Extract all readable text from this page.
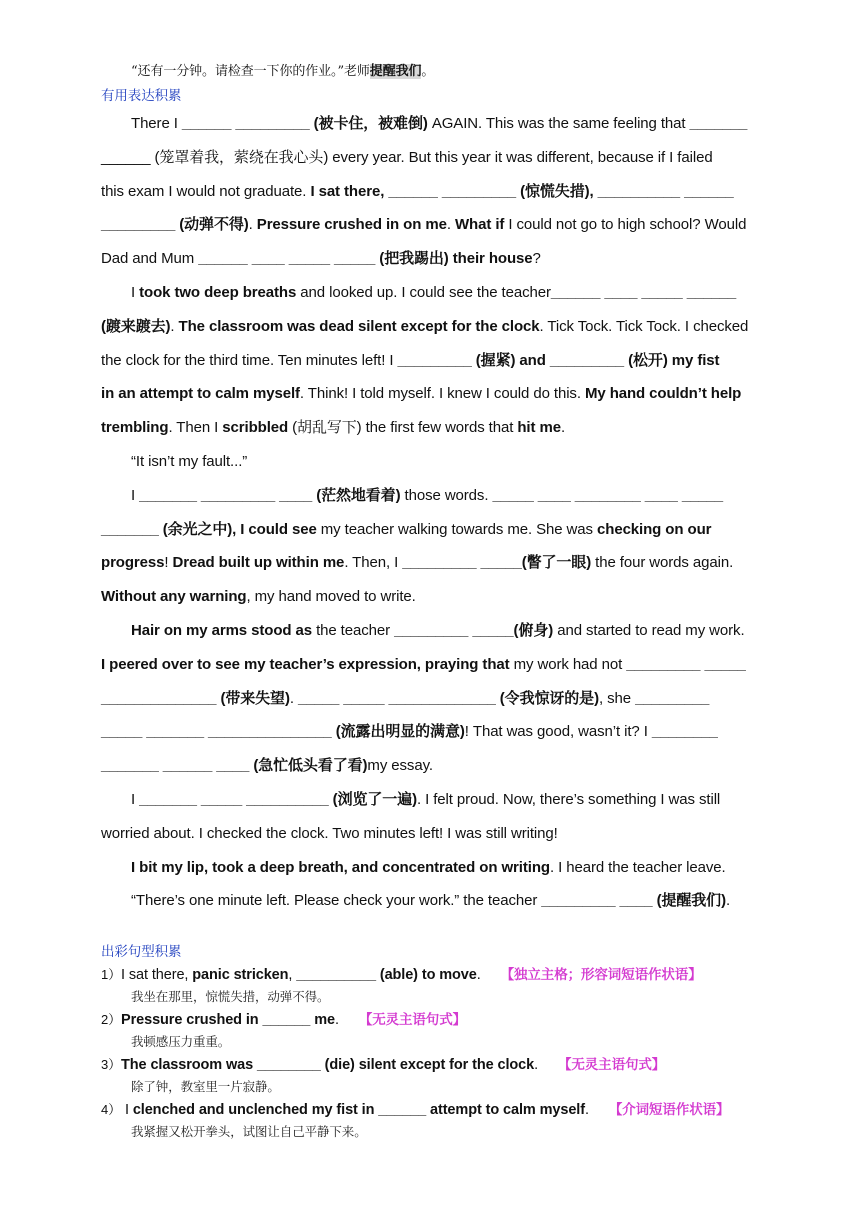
“还有一分钟。请检查一下你的作业。”老师提醒我们。
有用表达积累
There I ______ _________ (被卡住，被难倒) AGAIN. This was the same feeling that _______
______ (笼罩着我，萦绕在我心头) every year. But this year it was different, because if I failed
this exam I would not graduate. I sat there, ______ _________ (惊慌失措), __________ ______
_________ (动弹不得). Pressure crushed in on me. What if I could not go to high school? Would
Dad and Mum ______ ____ _____ _____ (把我踢出) their house?
I took two deep breaths and looked up. I could see the teacher______ ____ _____ ______
(踱来踱去). The classroom was dead silent except for the clock. Tick Tock. Tick Tock. I checked
the clock for the third time. Ten minutes left! I _________ (握紧) and _________ (松开) my fist
in an attempt to calm myself. Think! I told myself. I knew I could do this. My hand couldn’t help
trembling. Then I scribbled (胡乱写下) the first few words that hit me.
“It isn’t my fault...”
I _______ _________ ____ (茫然地看着) those words. _____ ____ ________ ____ _____
_______ (余光之中), I could see my teacher walking towards me. She was checking on our
progress! Dread built up within me. Then, I _________ _____(瞥了一眼) the four words again.
Without any warning, my hand moved to write.
Hair on my arms stood as the teacher _________ _____(俯身) and started to read my work.
I peered over to see my teacher’s expression, praying that my work had not _________ _____
______________ (带来失望). _____ _____ _____________ (令我惊讶的是), she _________
_____ _______ _______________ (流露出明显的满意)! That was good, wasn’t it? I ________
_______ ______ ____ (急忙低头看了看)my essay.
I _______ _____ __________ (浏览了一遍). I felt proud. Now, there’s something I was still
worried about. I checked the clock. Two minutes left! I was still writing!
I bit my lip, took a deep breath, and concentrated on writing. I heard the teacher leave.
“There’s one minute left. Please check your work.” the teacher _________ ____ (提醒我们).
出彩句型积累
1）I sat there, panic stricken, __________ (able) to move. 【独立主格；形容词短语作状语】
我坐在那里，惊慌失措，动弹不得。
2）Pressure crushed in ______ me. 【无灵主语句式】
我顿感压力重重。
3）The classroom was ________ (die) silent except for the clock. 【无灵主语句式】
除了钟，教室里一片寂静。
4） I clenched and unclenched my fist in ______ attempt to calm myself. 【介词短语作状语】
我紧握又松开拳头，试图让自己平静下来。
